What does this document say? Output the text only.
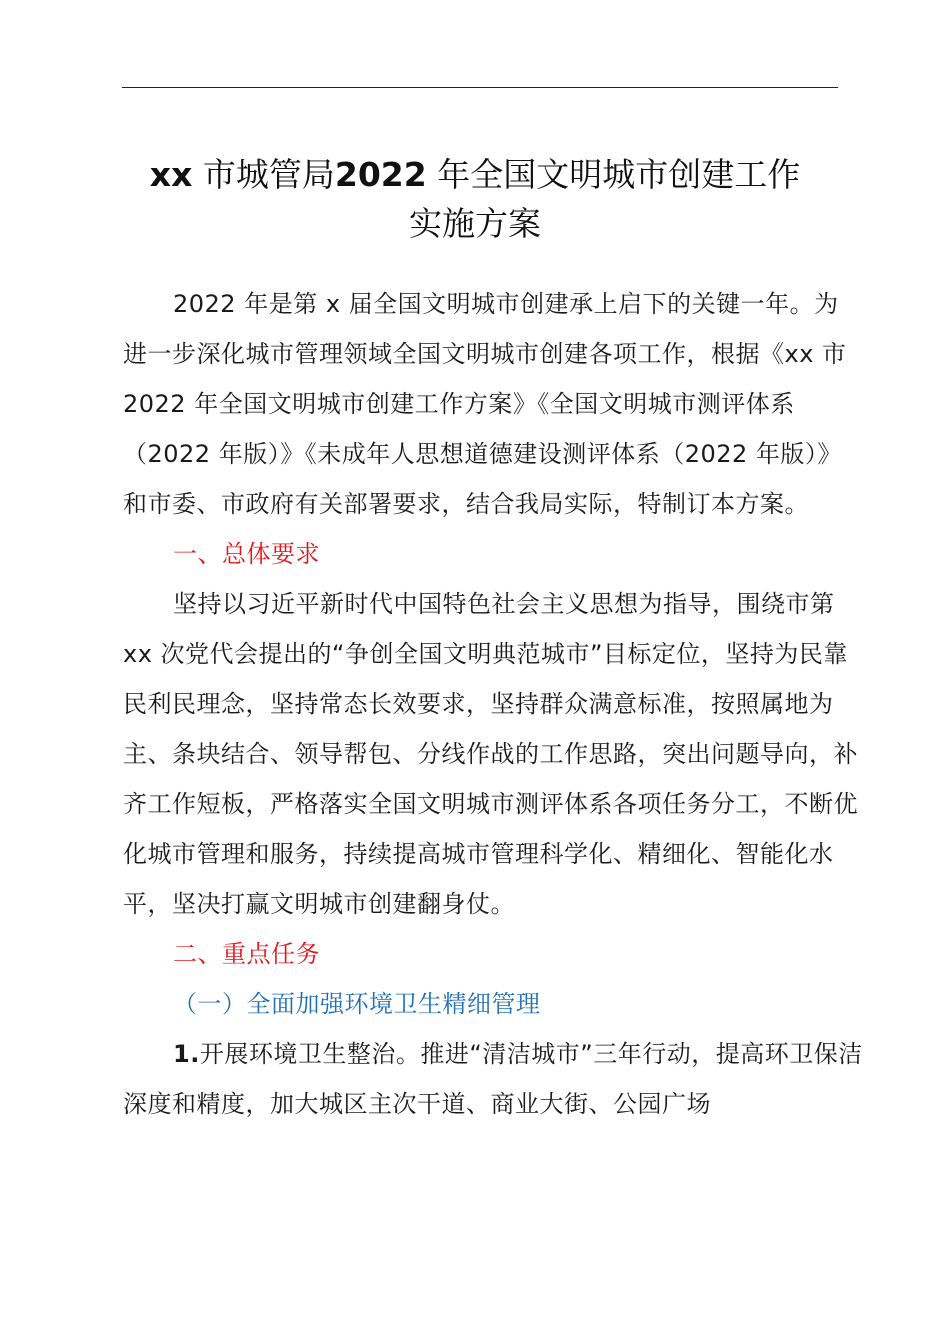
xx 市城管局2022 年全国文明城市创建工作
实施方案

2022 年是第 x 届全国文明城市创建承上启下的关键一年。为进一步深化城市管理领域全国文明城市创建各项工作，根据《xx 市 2022 年全国文明城市创建工作方案》《全国文明城市测评体系（2022 年版）》《未成年人思想道德建设测评体系（2022 年版）》和市委、市政府有关部署要求，结合我局实际，特制订本方案。

一、总体要求

坚持以习近平新时代中国特色社会主义思想为指导，围绕市第 xx 次党代会提出的“争创全国文明典范城市”目标定位，坚持为民靠民利民理念，坚持常态长效要求，坚持群众满意标准，按照属地为主、条块结合、领导帮包、分线作战的工作思路，突出问题导向，补齐工作短板，严格落实全国文明城市测评体系各项任务分工，不断优化城市管理和服务，持续提高城市管理科学化、精细化、智能化水平，坚决打赢文明城市创建翻身仗。

二、重点任务

（一）全面加强环境卫生精细管理

1.开展环境卫生整治。推进“清洁城市”三年行动，提高环卫保洁深度和精度，加大城区主次干道、商业大街、公园广场
